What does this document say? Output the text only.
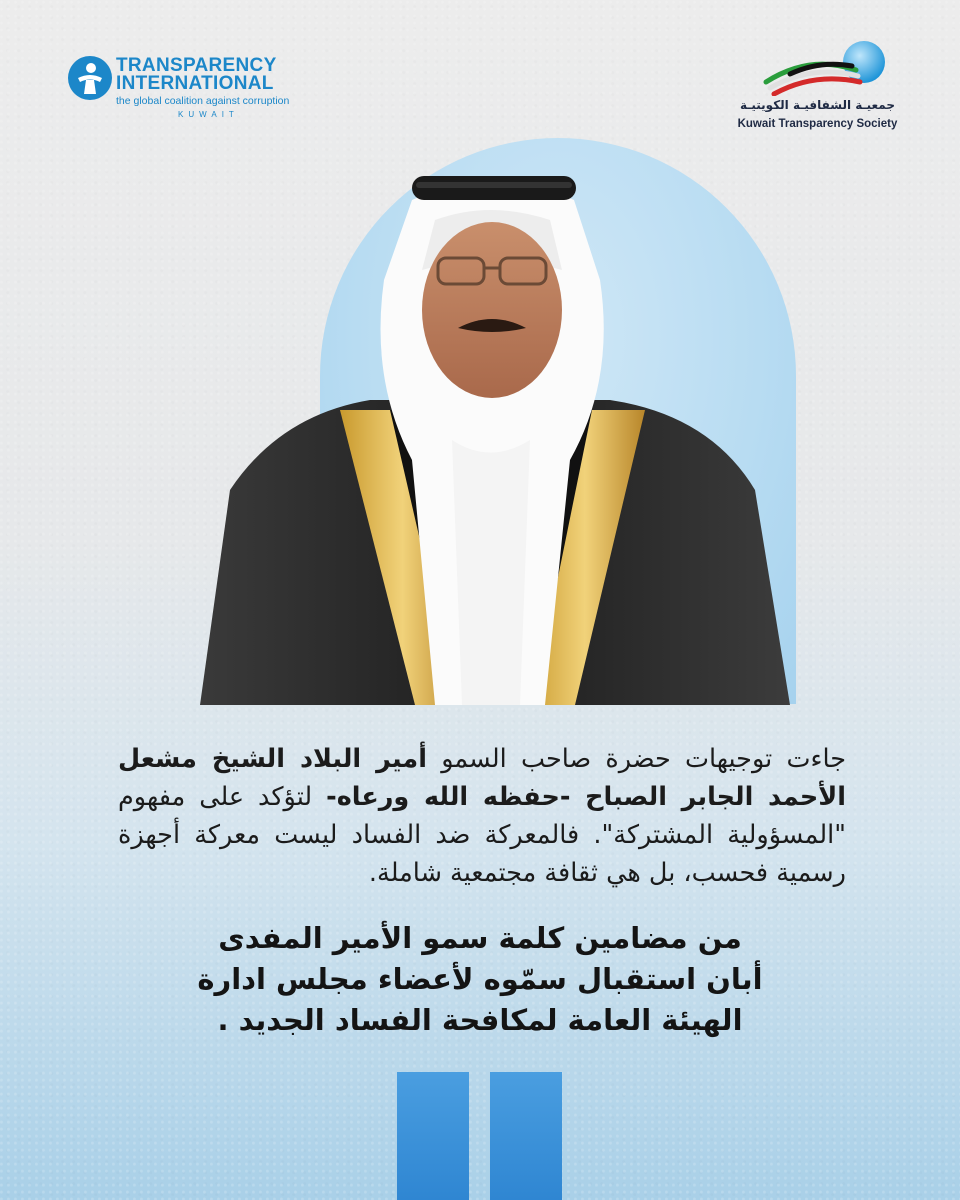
TRANSPARENCY
INTERNATIONAL
the global coalition against corruption
KUWAIT
جمعيـة الشفافيـة الكويتيـة
Kuwait Transparency Society
جاءت توجيهات حضرة صاحب السمو أمير البلاد الشيخ مشعل الأحمد الجابر الصباح -حفظه الله ورعاه- لتؤكد على مفهوم "المسؤولية المشتركة". فالمعركة ضد الفساد ليست معركة أجهزة رسمية فحسب، بل هي ثقافة مجتمعية شاملة.
من مضامين كلمة سمو الأمير المفدى
أبان استقبال سمّوه لأعضاء مجلس ادارة
الهيئة العامة لمكافحة الفساد الجديد .
